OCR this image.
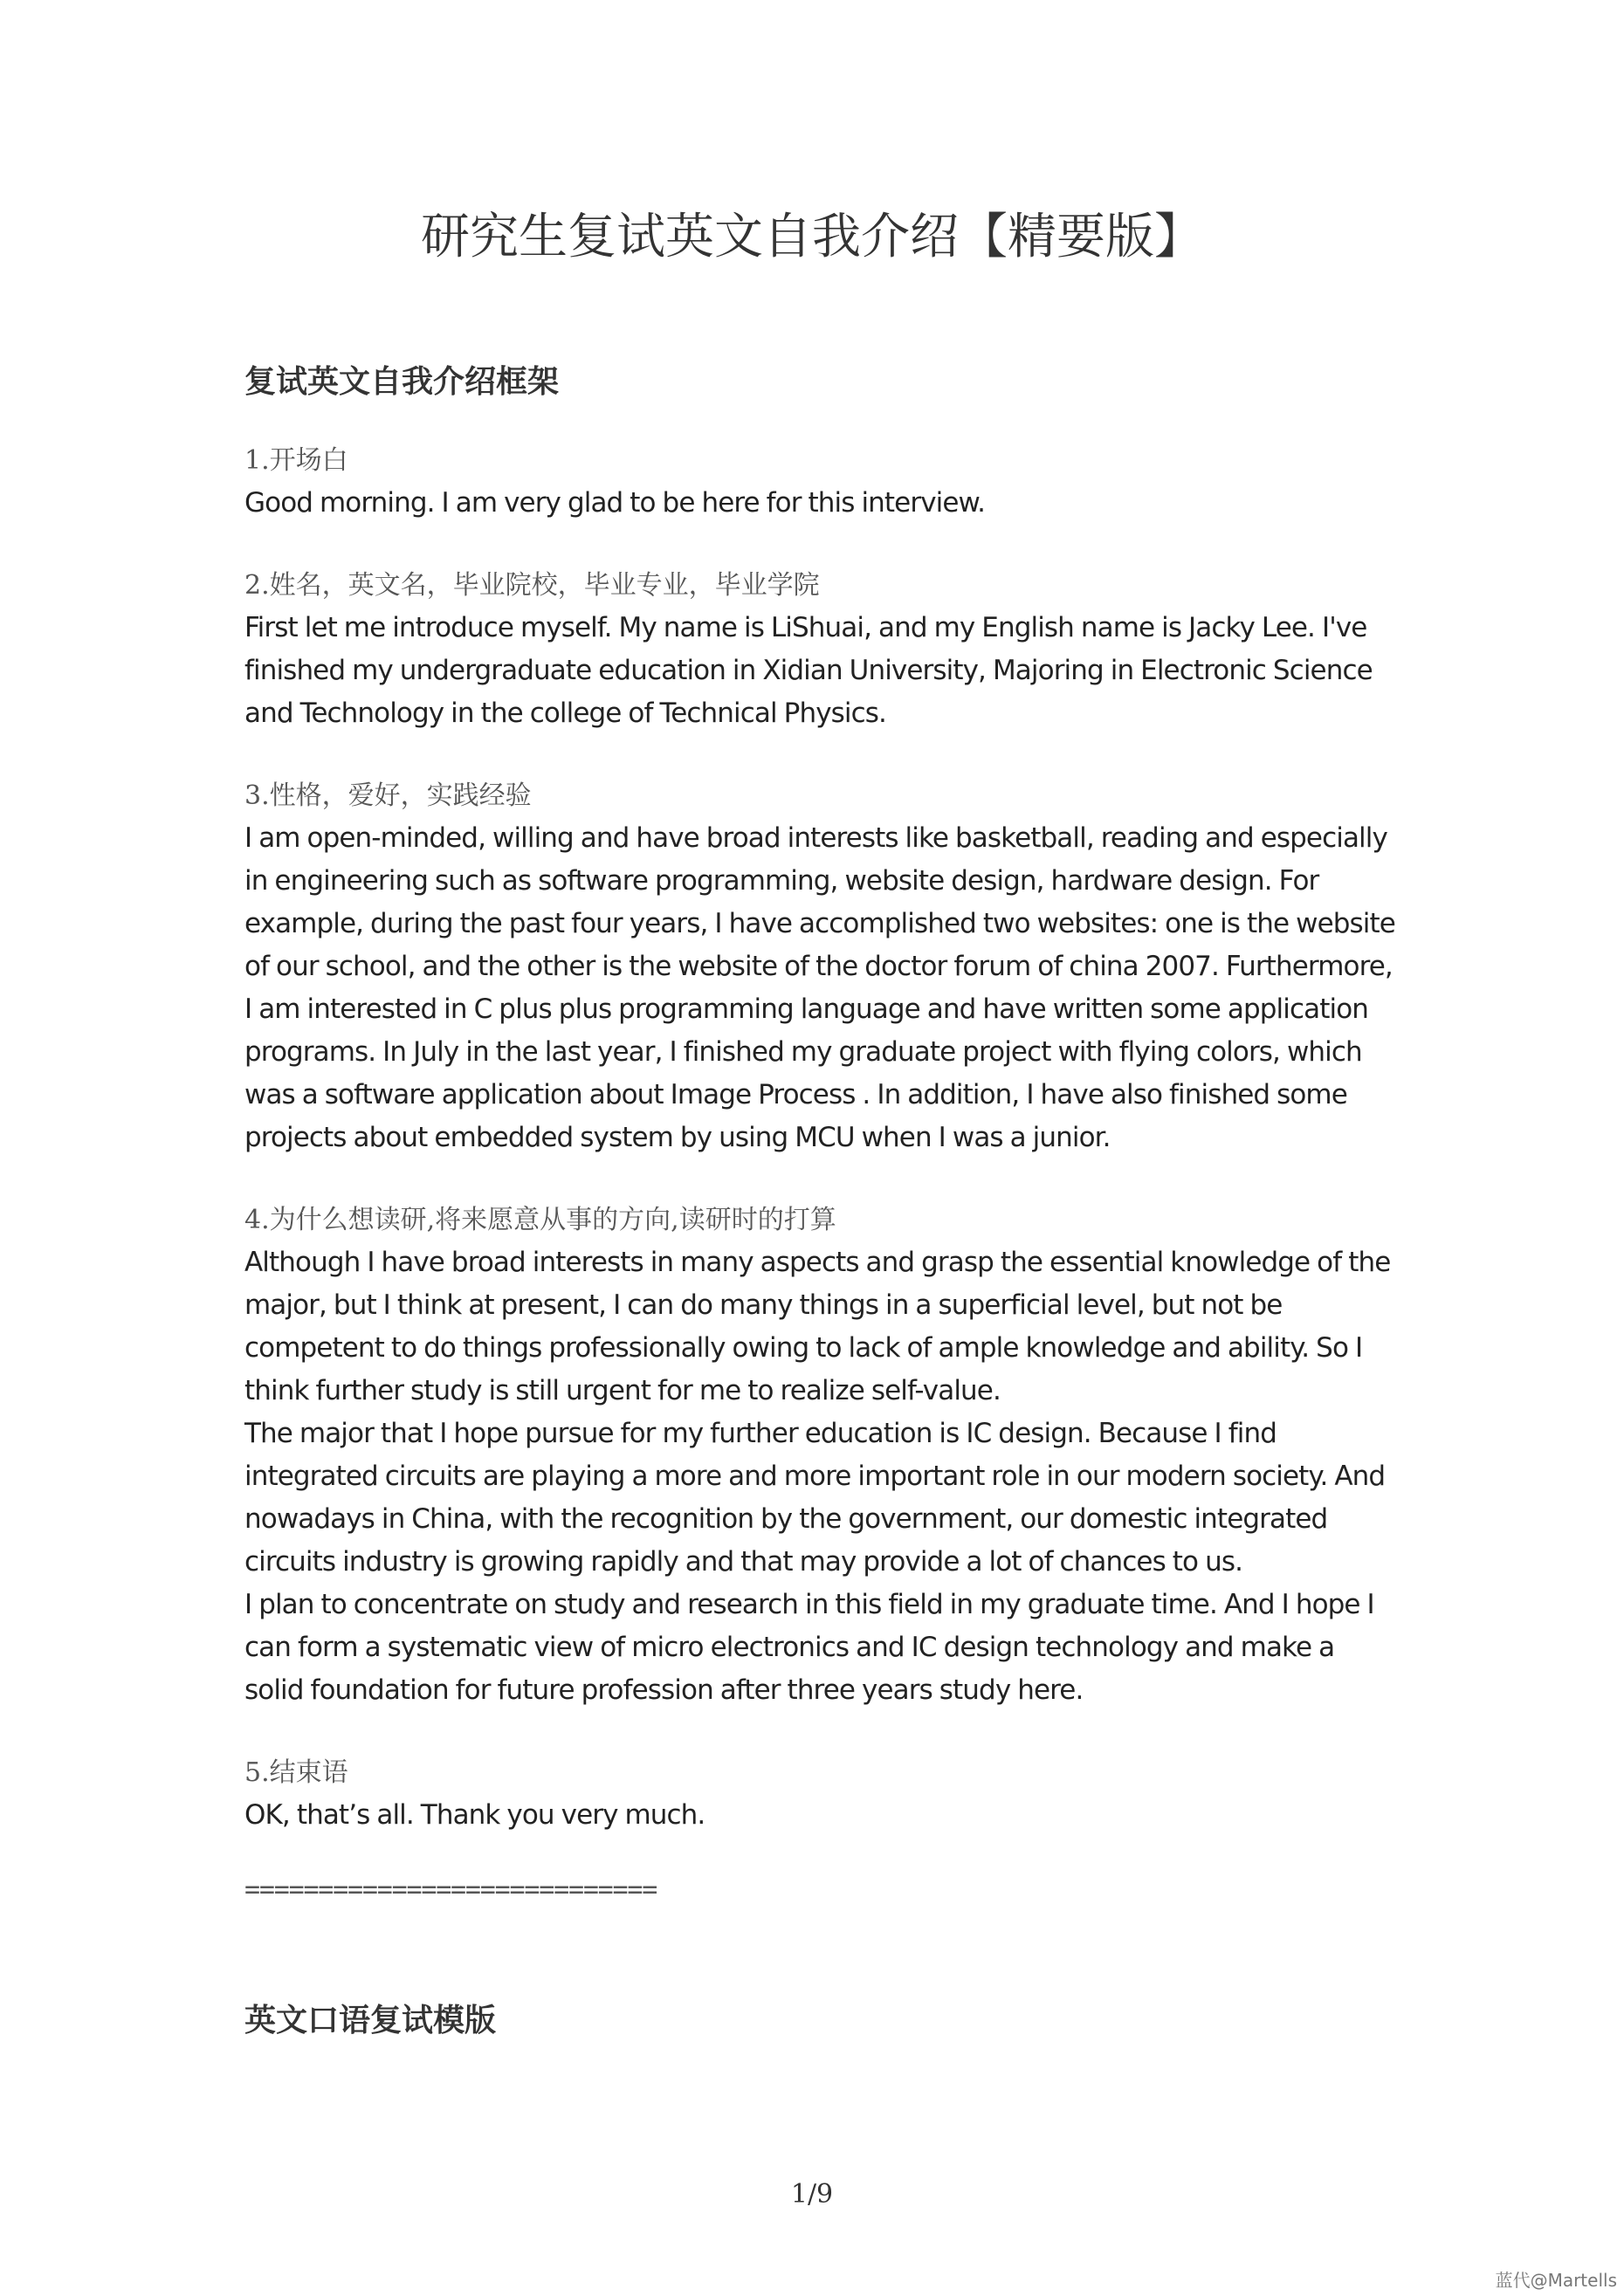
研究生复试英文自我介绍【精要版】
复试英文自我介绍框架

1.开场白

Good morning. I am very glad to be here for this interview.

2.姓名，英文名，毕业院校，毕业专业，毕业学院

First let me introduce myself. My name is LiShuai, and my English name is Jacky Lee. I've finished my undergraduate education in Xidian University, Majoring in Electronic Science and Technology in the college of Technical Physics.

3.性格，爱好，实践经验

I am open-minded, willing and have broad interests like basketball, reading and especially in engineering such as software programming, website design, hardware design. For example, during the past four years, I have accomplished two websites: one is the website of our school, and the other is the website of the doctor forum of china 2007. Furthermore, I am interested in C plus plus programming language and have written some application programs. In July in the last year, I finished my graduate project with flying colors, which was a software application about Image Process . In addition, I have also finished some projects about embedded system by using MCU when I was a junior.

4.为什么想读研,将来愿意从事的方向,读研时的打算

Although I have broad interests in many aspects and grasp the essential knowledge of the major, but I think at present, I can do many things in a superficial level, but not be competent to do things professionally owing to lack of ample knowledge and ability. So I think further study is still urgent for me to realize self-value.

The major that I hope pursue for my further education is IC design. Because I find integrated circuits are playing a more and more important role in our modern society. And nowadays in China, with the recognition by the government, our domestic integrated circuits industry is growing rapidly and that may provide a lot of chances to us.

I plan to concentrate on study and research in this field in my graduate time. And I hope I can form a systematic view of micro electronics and IC design technology and make a solid foundation for future profession after three years study here.

5.结束语

OK, that’s all. Thank you very much.

============================

英文口语复试模版
1/9
蓝代@Martells
